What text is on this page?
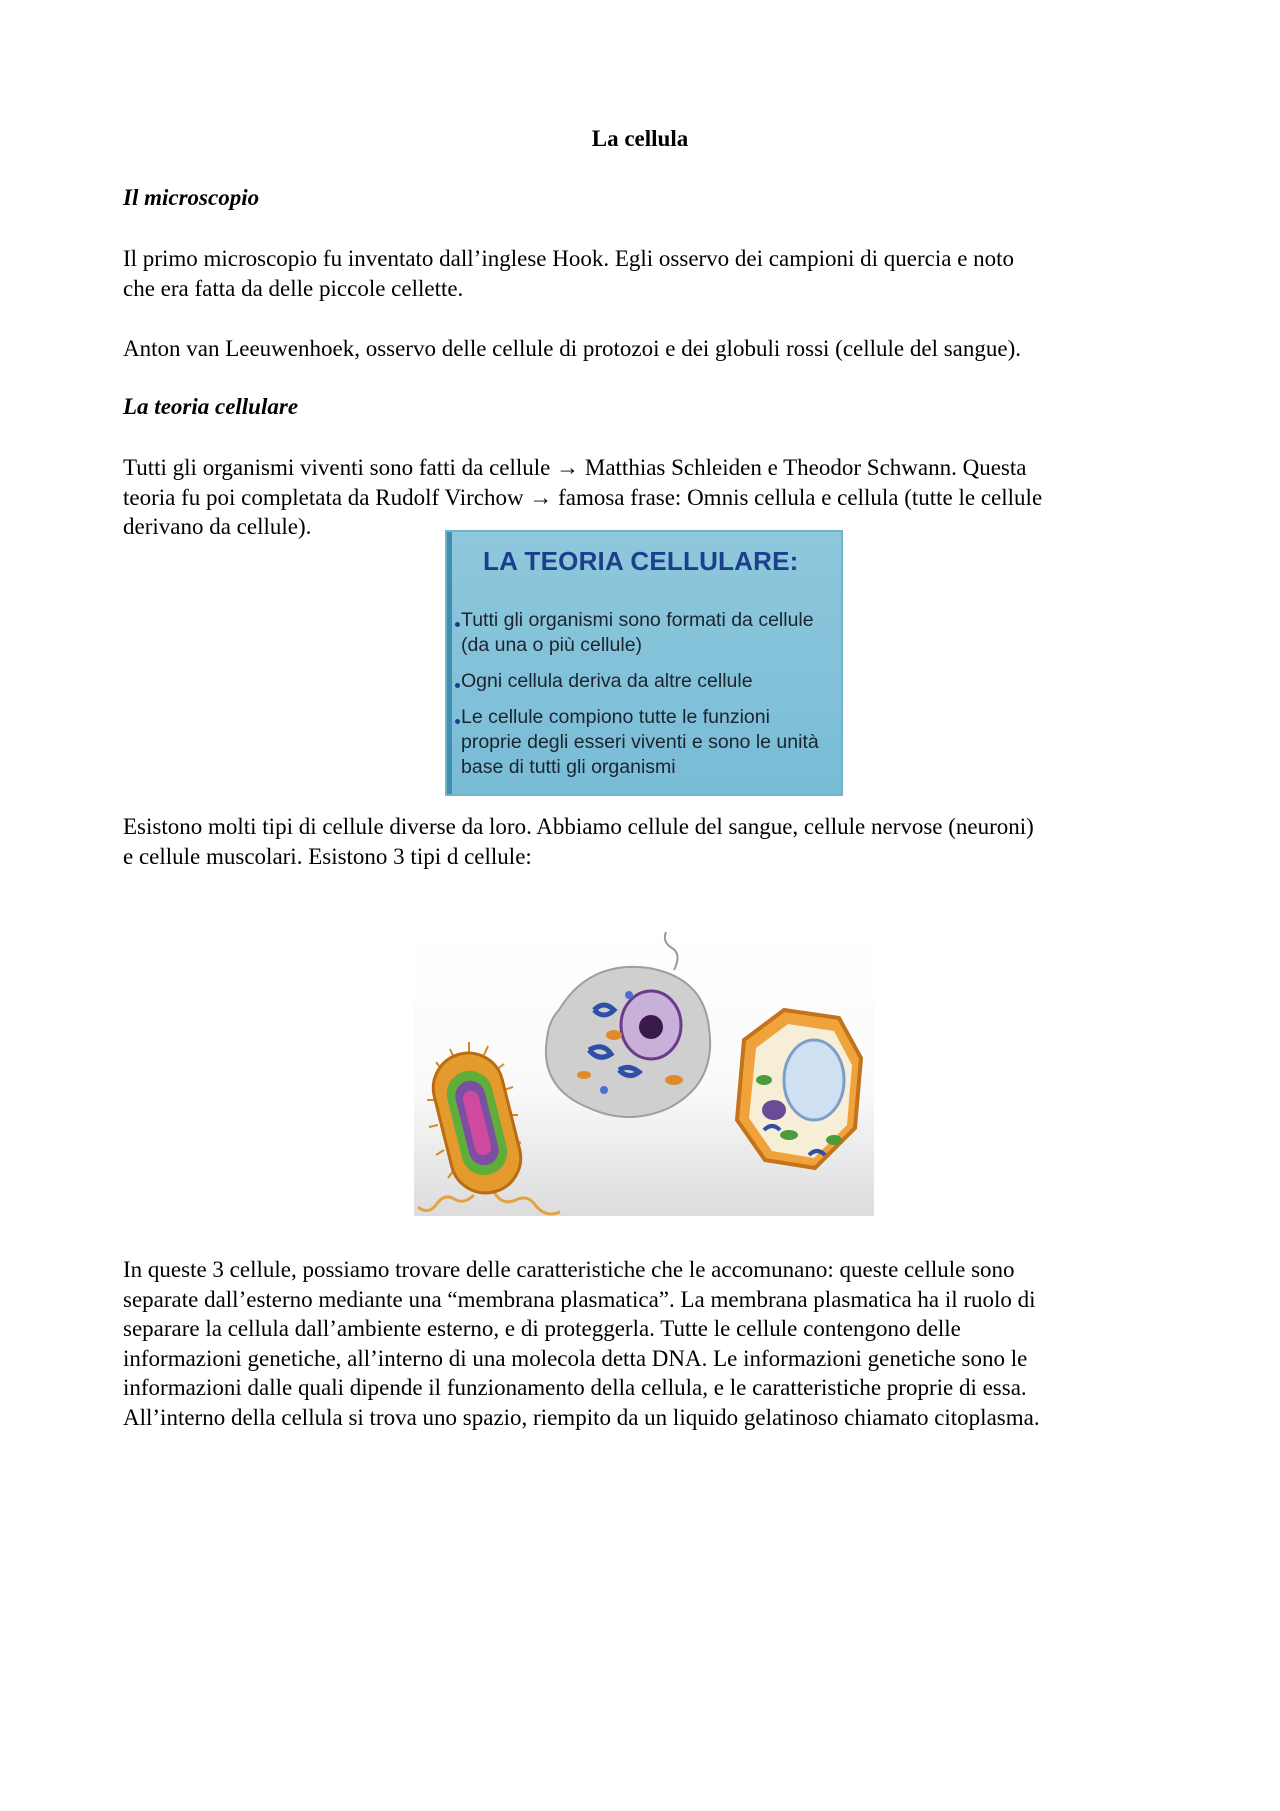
La cellula
Il microscopio

Il primo microscopio fu inventato dall’inglese Hook. Egli osservo dei campioni di quercia e noto

che era fatta da delle piccole cellette.

Anton van Leeuwenhoek, osservo delle cellule di protozoi e dei globuli rossi (cellule del sangue).

La teoria cellulare

Tutti gli organismi viventi sono fatti da cellule → Matthias Schleiden e Theodor Schwann. Questa

teoria fu poi completata da Rudolf Virchow → famosa frase: Omnis cellula e cellula (tutte le cellule

derivano da cellule).

LA TEORIA CELLULARE:
Tutti gli organismi sono formati da cellule (da una o più cellule)
Ogni cellula deriva da altre cellule
Le cellule compiono tutte le funzioni proprie degli esseri viventi e sono le unità base di tutti gli organismi

Esistono molti tipi di cellule diverse da loro. Abbiamo cellule del sangue, cellule nervose (neuroni)

e cellule muscolari. Esistono 3 tipi d cellule:

In queste 3 cellule, possiamo trovare delle caratteristiche che le accomunano: queste cellule sono

separate dall’esterno mediante una “membrana plasmatica”. La membrana plasmatica ha il ruolo di

separare la cellula dall’ambiente esterno, e di proteggerla. Tutte le cellule contengono delle

informazioni genetiche, all’interno di una molecola detta DNA. Le informazioni genetiche sono le

informazioni dalle quali dipende il funzionamento della cellula, e le caratteristiche proprie di essa.

All’interno della cellula si trova uno spazio, riempito da un liquido gelatinoso chiamato citoplasma.
